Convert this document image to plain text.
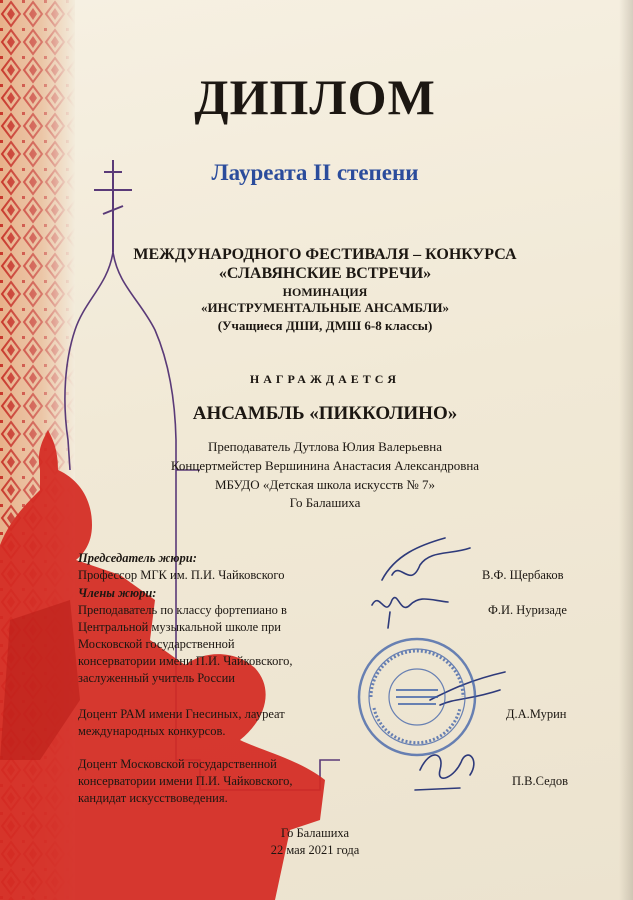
ДИПЛОМ
Лауреата II степени
МЕЖДУНАРОДНОГО ФЕСТИВАЛЯ – КОНКУРСА
«СЛАВЯНСКИЕ ВСТРЕЧИ»
НОМИНАЦИЯ
«ИНСТРУМЕНТАЛЬНЫЕ АНСАМБЛИ»
(Учащиеся ДШИ, ДМШ 6-8 классы)
НАГРАЖДАЕТСЯ
АНСАМБЛЬ «ПИККОЛИНО»
Преподаватель Дутлова Юлия Валерьевна
Концертмейстер Вершинина Анастасия Александровна
МБУДО «Детская школа искусств № 7»
Го Балашиха
Председатель жюри:
Профессор МГК им. П.И. Чайковского	В.Ф. Щербаков
Члены жюри:
Преподаватель по классу фортепиано в
Центральной музыкальной школе при
Московской государственной
консерватории имени П.И. Чайковского,
заслуженный учитель России
Ф.И. Нуризаде
Доцент РАМ имени Гнесиных, лауреат
международных конкурсов.
Д.А.Мурин
Доцент Московской государственной
консерватории имени П.И. Чайковского,
кандидат искусствоведения.
П.В.Седов
Го Балашиха
22 мая 2021 года
